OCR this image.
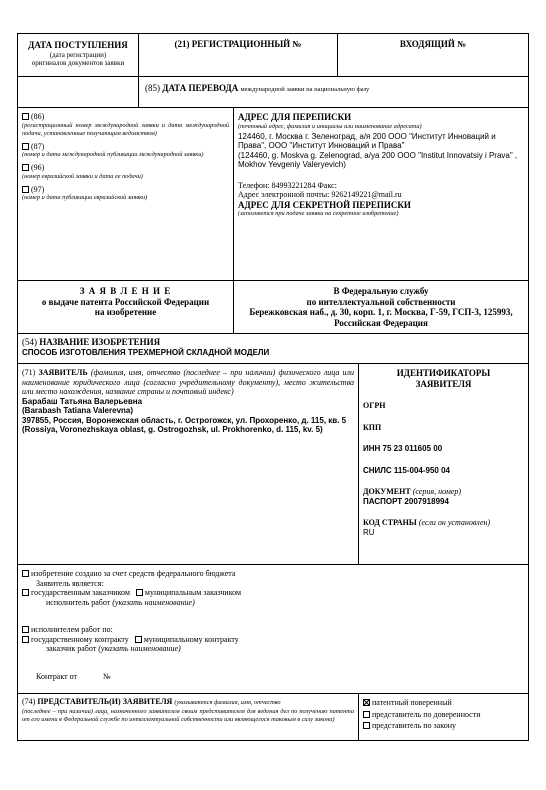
ДАТА ПОСТУПЛЕНИЯ
(дата регистрации)
оригиналов документов заявки
(21) РЕГИСТРАЦИОННЫЙ №	ВХОДЯЩИЙ №
(85) ДАТА ПЕРЕВОДА международной заявки на национальную фазу
(86)
(регистрационный номер международной заявки и дата международной подачи, установленные получающим ведомством)
(87)
(номер и дата международной публикации международной заявки)
(96)
(номер евразийской заявки и дата ее подачи)
(97)
(номер и дата публикации евразийской заявки)
АДРЕС ДЛЯ ПЕРЕПИСКИ
(почтовый адрес, фамилия и инициалы или наименование адресата)
124460, г. Москва г. Зеленоград, а/я 200 ООО "Институт Инноваций и Права", ООО "Институт Инноваций и Права"
(124460, g. Moskva g. Zelenograd, a/ya 200 OOO "Institut Innovatsiy i Prava" , Mokhov Yevgeniy Valeryevich)
Телефон: 84993221284 Факс:
Адрес электронной почты: 9262149221@mail.ru
АДРЕС ДЛЯ СЕКРЕТНОЙ ПЕРЕПИСКИ
(заполняется при подаче заявки на секретное изобретение)
З А Я В Л Е Н И Е
о выдаче патента Российской Федерации
на изобретение
В Федеральную службу
по интеллектуальной собственности
Бережковская наб., д. 30, корп. 1, г. Москва, Г-59, ГСП-3, 125993,
Российская Федерация
(54) НАЗВАНИЕ ИЗОБРЕТЕНИЯ
СПОСОБ ИЗГОТОВЛЕНИЯ ТРЕХМЕРНОЙ СКЛАДНОЙ МОДЕЛИ
(71) ЗАЯВИТЕЛЬ (фамилия, имя, отчество (последнее – при наличии) физического лица или наименование юридического лица (согласно учредительному документу), место жительства или место нахождения, название страны и почтовый индекс)
Барабаш Татьяна Валерьевна
(Barabash Tatiana Valerevna)
397855, Россия, Воронежская область, г. Острогожск, ул. Прохоренко, д. 115, кв. 5
(Rossiya, Voronezhskaya oblast, g. Ostrogozhsk, ul. Prokhorenko, d. 115, kv. 5)
ИДЕНТИФИКАТОРЫ
ЗАЯВИТЕЛЯ
ОГРН
КПП
ИНН 75 23 011605 00
СНИЛС 115-004-950 04
ДОКУМЕНТ (серия, номер)
ПАСПОРТ 2007918994
КОД СТРАНЫ (если он установлен)
RU
изобретение создано за счет средств федерального бюджета
Заявитель является:
государственным заказчиком муниципальным заказчиком
исполнитель работ (указать наименование)
исполнителем работ по:
государственному контракту муниципальному контракту
заказчик работ (указать наименование)
Контракт от	№
(74) ПРЕДСТАВИТЕЛЬ(И) ЗАЯВИТЕЛЯ (указываются фамилия, имя, отчество
(последнее – при наличии) лица, назначенного заявителем своим представителем для ведения дел по получению патента от его имени в Федеральной службе по интеллектуальной собственности или являющегося таковым в силу закона)
патентный поверенный
представитель по доверенности
представитель по закону
